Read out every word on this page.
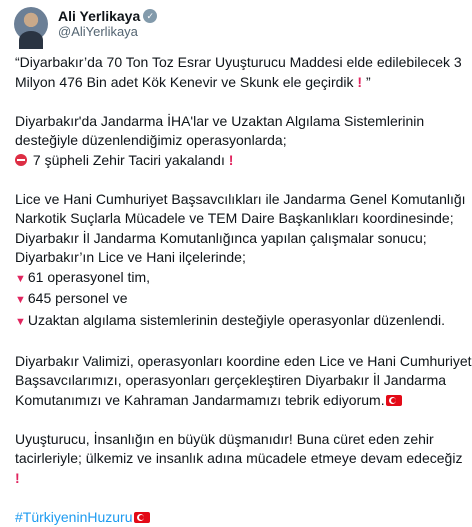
Ali Yerlikaya ✓
@AliYerlikaya
“Diyarbakır’da 70 Ton Toz Esrar Uyuşturucu Maddesi elde edilebilecek 3
Milyon 476 Bin adet Kök Kenevir ve Skunk ele geçirdik ! ”
Diyarbakır'da Jandarma İHA'lar ve Uzaktan Algılama Sistemlerinin
desteğiyle düzenlendiğimiz operasyonlarda;
7 şüpheli Zehir Taciri yakalandı !
Lice ve Hani Cumhuriyet Başsavcılıkları ile Jandarma Genel Komutanlığı
Narkotik Suçlarla Mücadele ve TEM Daire Başkanlıkları koordinesinde;
Diyarbakır İl Jandarma Komutanlığınca yapılan çalışmalar sonucu;
Diyarbakır’ın Lice ve Hani ilçelerinde;
▼ 61 operasyonel tim,
▼ 645 personel ve
▼ Uzaktan algılama sistemlerinin desteğiyle operasyonlar düzenlendi.
Diyarbakır Valimizi, operasyonları koordine eden Lice ve Hani Cumhuriyet
Başsavcılarımızı, operasyonları gerçekleştiren Diyarbakır İl Jandarma
Komutanımızı ve Kahraman Jandarmamızı tebrik ediyorum.
Uyuşturucu, İnsanlığın en büyük düşmanıdır! Buna cüret eden zehir
tacirleriyle; ülkemiz ve insanlık adına mücadele etmeye devam edeceğiz
!
#TürkiyeninHuzuru
